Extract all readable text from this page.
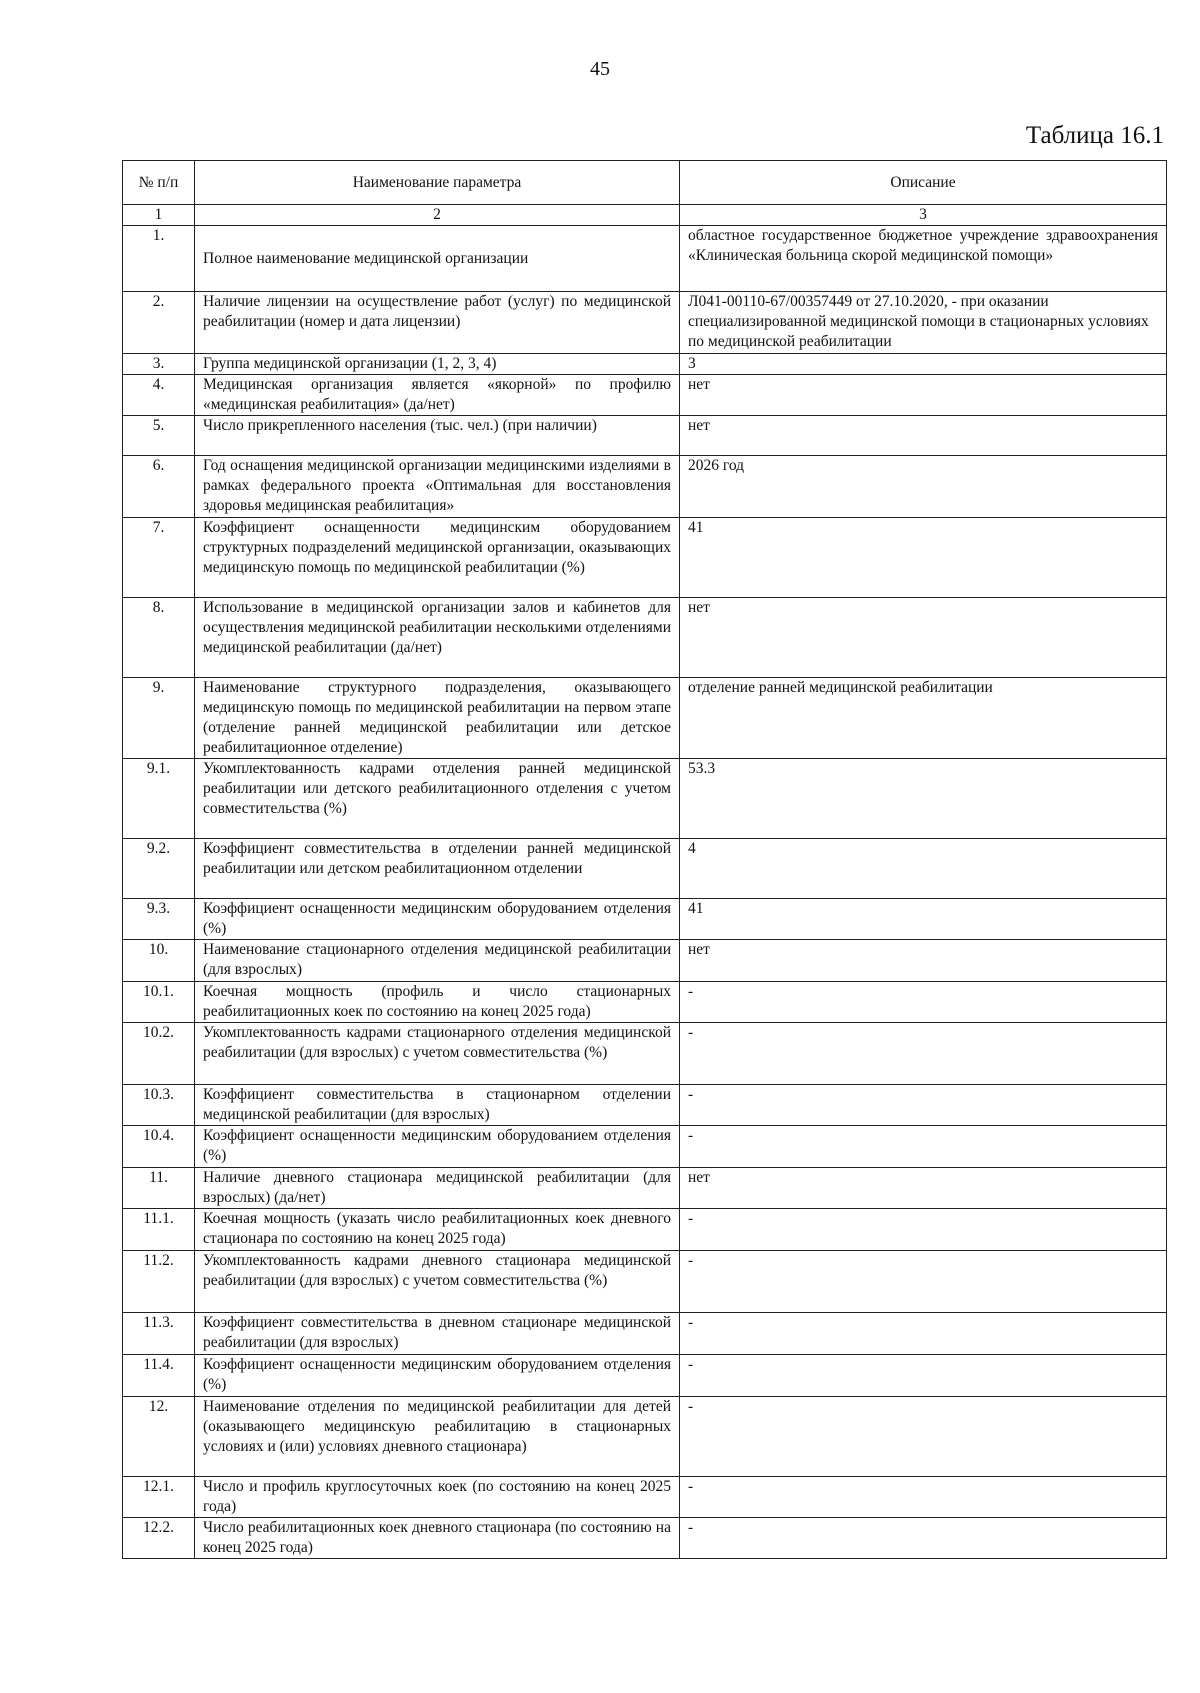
45
Таблица 16.1
№ п/п	Наименование параметра	Описание
1	2	3
1.	Полное наименование медицинской организации	областное государственное бюджетное учреждение здравоохранения «Клиническая больница скорой медицинской помощи»
2.	Наличие лицензии на осуществление работ (услуг) по медицинской реабилитации (номер и дата лицензии)	Л041-00110-67/00357449 от 27.10.2020, - при оказании специализированной медицинской помощи в стационарных условиях по медицинской реабилитации
3.	Группа медицинской организации (1, 2, 3, 4)	3
4.	Медицинская организация является «якорной» по профилю «медицинская реабилитация» (да/нет)	нет
5.	Число прикрепленного населения (тыс. чел.) (при наличии)	нет
6.	Год оснащения медицинской организации медицинскими изделиями в рамках федерального проекта «Оптимальная для восстановления здоровья медицинская реабилитация»	2026 год
7.	Коэффициент оснащенности медицинским оборудованием структурных подразделений медицинской организации, оказывающих медицинскую помощь по медицинской реабилитации (%)	41
8.	Использование в медицинской организации залов и кабинетов для осуществления медицинской реабилитации несколькими отделениями медицинской реабилитации (да/нет)	нет
9.	Наименование структурного подразделения, оказывающего медицинскую помощь по медицинской реабилитации на первом этапе (отделение ранней медицинской реабилитации или детское реабилитационное отделение)	отделение ранней медицинской реабилитации
9.1.	Укомплектованность кадрами отделения ранней медицинской реабилитации или детского реабилитационного отделения с учетом совместительства (%)	53.3
9.2.	Коэффициент совместительства в отделении ранней медицинской реабилитации или детском реабилитационном отделении	4
9.3.	Коэффициент оснащенности медицинским оборудованием отделения (%)	41
10.	Наименование стационарного отделения медицинской реабилитации (для взрослых)	нет
10.1.	Коечная мощность (профиль и число стационарных реабилитационных коек по состоянию на конец 2025 года)	-
10.2.	Укомплектованность кадрами стационарного отделения медицинской реабилитации (для взрослых) с учетом совместительства (%)	-
10.3.	Коэффициент совместительства в стационарном отделении медицинской реабилитации (для взрослых)	-
10.4.	Коэффициент оснащенности медицинским оборудованием отделения (%)	-
11.	Наличие дневного стационара медицинской реабилитации (для взрослых) (да/нет)	нет
11.1.	Коечная мощность (указать число реабилитационных коек дневного стационара по состоянию на конец 2025 года)	-
11.2.	Укомплектованность кадрами дневного стационара медицинской реабилитации (для взрослых) с учетом совместительства (%)	-
11.3.	Коэффициент совместительства в дневном стационаре медицинской реабилитации (для взрослых)	-
11.4.	Коэффициент оснащенности медицинским оборудованием отделения (%)	-
12.	Наименование отделения по медицинской реабилитации для детей (оказывающего медицинскую реабилитацию в стационарных условиях и (или) условиях дневного стационара)	-
12.1.	Число и профиль круглосуточных коек (по состоянию на конец 2025 года)	-
12.2.	Число реабилитационных коек дневного стационара (по состоянию на конец 2025 года)	-
